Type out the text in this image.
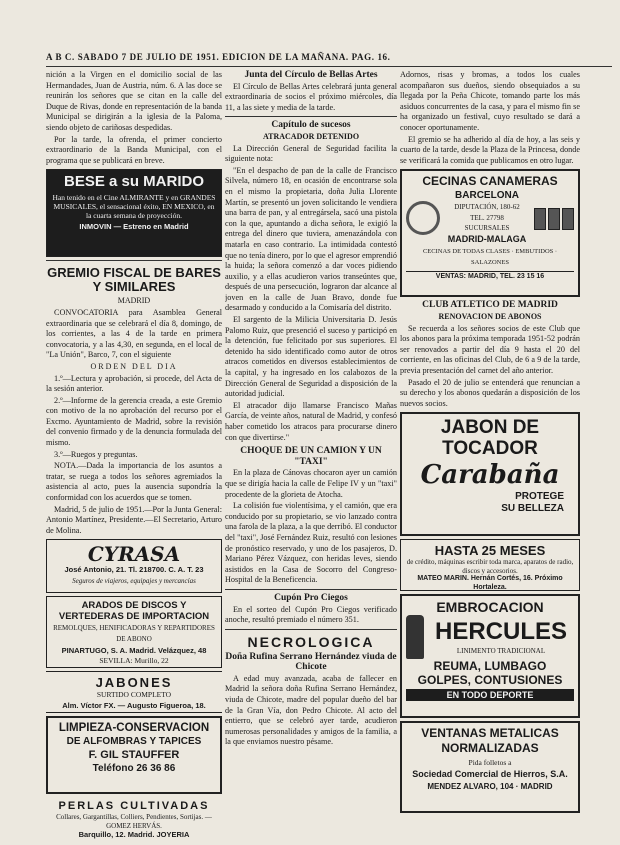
A B C. SABADO 7 DE JULIO DE 1951. EDICION DE LA MAÑANA. PAG. 16.

nición a la Virgen en el domicilio social de las Hermandades, Juan de Austria, núm. 6. A las doce se reunirán los señores que se citan en la calle del Duque de Rivas, donde en representación de la banda Municipal se dirigirán a la iglesia de la Paloma, siendo objeto de cariñosas despedidas.

Por la tarde, la ofrenda, el primer concierto extraordinario de la Banda Municipal, con el programa que se publicará en breve.

BESE a su MARIDO
Han tenido en el Cine ALMIRANTE y en GRANDES MUSICALES, el sensacional éxito, EN MEXICO, en la cuarta semana de proyección.
INMOVIN — Estreno en Madrid
GREMIO FISCAL DE BARES Y SIMILARES
MADRID

CONVOCATORIA para Asamblea General extraordinaria que se celebrará el día 8, domingo, de los corrientes, a las 4 de la tarde en primera convocatoria, y a las 4,30, en segunda, en el local de "La Unión", Barco, 7, con el siguiente

ORDEN DEL DIA

1.º—Lectura y aprobación, si procede, del Acta de la sesión anterior.

2.º—Informe de la gerencia creada, a este Gremio con motivo de la no aprobación del recurso por el Excmo. Ayuntamiento de Madrid, sobre la revisión del convenio firmado y de la denuncia formulada del mismo.

3.º—Ruegos y preguntas.

NOTA.—Dada la importancia de los asuntos a tratar, se ruega a todos los señores agremiados la asistencia al acto, pues la ausencia supondría la conformidad con los acuerdos que se tomen.

Madrid, 5 de julio de 1951.—Por la Junta General: Antonio Martínez, Presidente.—El Secretario, Arturo de Molina.

CYRASA
José Antonio, 21. Tl. 218700. C. A. T. 23
Seguros de viajeros, equipajes y mercancías
ARADOS DE DISCOS Y VERTEDERAS DE IMPORTACION
REMOLQUES, HENIFICADORAS Y REPARTIDORES DE ABONO
PINARTUGO, S. A. Madrid. Velázquez, 48
SEVILLA: Murillo, 22
JABONES
SURTIDO COMPLETO
Alm. Víctor FX. — Augusto Figueroa, 18.
LIMPIEZA-CONSERVACION
DE ALFOMBRAS Y TAPICES
F. GIL STAUFFER
Teléfono 26 36 86
PERLAS CULTIVADAS
Collares, Gargantillas, Colliers, Pendientes, Sortijas. — GOMEZ HERVÁS.
Barquillo, 12. Madrid. JOYERIA
Junta del Círculo de Bellas Artes

El Círculo de Bellas Artes celebrará junta general extraordinaria de socios el próximo miércoles, día 11, a las siete y media de la tarde.

Capítulo de sucesos
ATRACADOR DETENIDO

La Dirección General de Seguridad facilita la siguiente nota:

"En el despacho de pan de la calle de Francisco Silvela, número 18, en ocasión de encontrarse sola en el mismo la propietaria, doña Julia Llorente Martín, se presentó un joven solicitando le vendiera una barra de pan, y al entregársela, sacó una pistola con la que, apuntando a dicha señora, le exigió la entrega del dinero que tuviera, amenazándola con matarla en caso contrario. La intimidada contestó que no tenía dinero, por lo que el agresor emprendió la huida; la señora comenzó a dar voces pidiendo auxilio, y a ellas acudieron varios transeúntes que, después de una persecución, lograron dar alcance al joven en la calle de Juan Bravo, donde fue desarmado y conducido a la Comisaría del distrito.

El sargento de la Milicia Universitaria D. Jesús Palomo Ruiz, que presenció el suceso y participó en la detención, fue felicitado por sus superiores. El detenido ha sido identificado como autor de otros atracos cometidos en diversos establecimientos de la capital, y ha ingresado en los calabozos de la Dirección General de Seguridad a disposición de la autoridad judicial.

El atracador dijo llamarse Francisco Mañas García, de veinte años, natural de Madrid, y confesó haber cometido los atracos para procurarse dinero con que divertirse."

CHOQUE DE UN CAMION Y UN "TAXI"

En la plaza de Cánovas chocaron ayer un camión que se dirigía hacia la calle de Felipe IV y un "taxi" procedente de la glorieta de Atocha.

La colisión fue violentísima, y el camión, que era conducido por su propietario, se vio lanzado contra una farola de la plaza, a la que derribó. El conductor del "taxi", José Fernández Ruiz, resultó con lesiones de pronóstico reservado, y uno de los pasajeros, D. Mariano Pérez Vázquez, con heridas leves, siendo asistidos en la Casa de Socorro del Congreso-Hospital de la Beneficencia.

Cupón Pro Ciegos

En el sorteo del Cupón Pro Ciegos verificado anoche, resultó premiado el número 351.

NECROLOGICA
Doña Rufina Serrano Hernández viuda de Chicote

A edad muy avanzada, acaba de fallecer en Madrid la señora doña Rufina Serrano Hernández, viuda de Chicote, madre del popular dueño del bar de la Gran Vía, don Pedro Chicote. Al acto del entierro, que se celebró ayer tarde, acudieron numerosas personalidades y amigos de la familia, a la que enviamos nuestro pésame.

Adornos, risas y bromas, a todos los cuales acompañaron sus dueños, siendo obsequiados a su llegada por la Peña Chicote, tomando parte los más asiduos concurrentes de la casa, y para el mismo fin se ha organizado un festival, cuyo resultado se dará a conocer oportunamente.

El gremio se ha adherido al día de hoy, a las seis y cuarto de la tarde, desde la Plaza de la Princesa, donde se verificará la comida que publicamos en otro lugar.

CECINAS CANAMERAS
BARCELONA
DIPUTACIÓN, 180-62
TEL. 27798
SUCURSALES
MADRID-MALAGA
CECINAS DE TODAS CLASES · EMBUTIDOS · SALAZONES
VENTAS: MADRID, TEL. 23 15 16
CLUB ATLETICO DE MADRID
RENOVACION DE ABONOS

Se recuerda a los señores socios de este Club que los abonos para la próxima temporada 1951-52 podrán ser renovados a partir del día 9 hasta el 20 del corriente, en las oficinas del Club, de 6 a 9 de la tarde, previa presentación del carnet del año anterior.

Pasado el 20 de julio se entenderá que renuncian a su derecho y los abonos quedarán a disposición de los nuevos socios.

JABON DE
TOCADOR
Carabaña
PROTEGE
SU BELLEZA
HASTA 25 MESES
de crédito, máquinas escribir toda marca, aparatos de radio, discos y accesorios.
MATEO MARIN. Hernán Cortés, 16. Próximo Hortaleza.
EMBROCACION
HERCULES
LINIMENTO TRADICIONAL
REUMA, LUMBAGO
GOLPES, CONTUSIONES
EN TODO DEPORTE
VENTANAS METALICAS
NORMALIZADAS
Pida folletos a
Sociedad Comercial de Hierros, S.A.
MENDEZ ALVARO, 104 · MADRID
